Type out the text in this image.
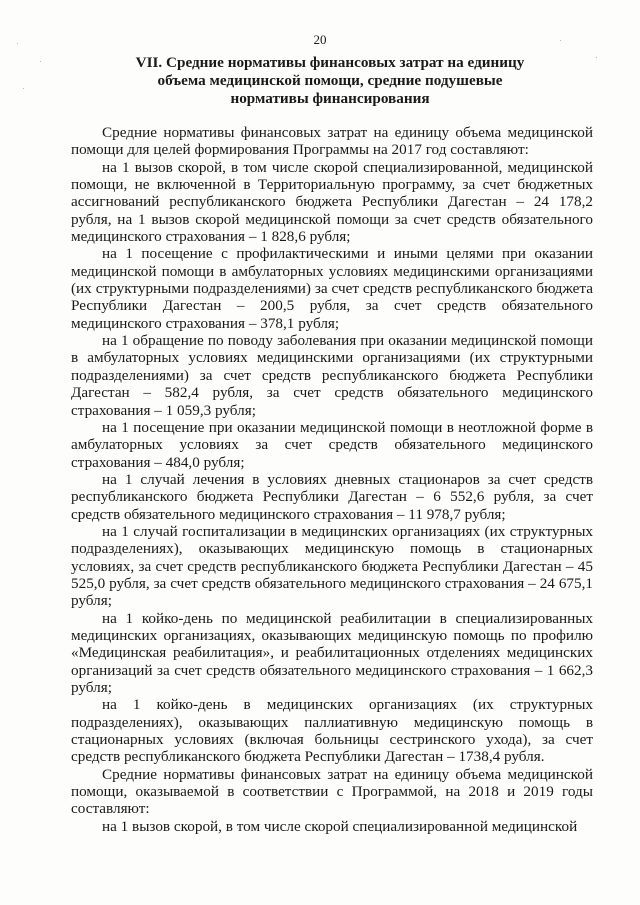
20
VII. Средние нормативы финансовых затрат на единицу
объема медицинской помощи, средние подушевые
нормативы финансирования

Средние нормативы финансовых затрат на единицу объема медицинской помощи для целей формирования Программы на 2017 год составляют:

на 1 вызов скорой, в том числе скорой специализированной, медицинской помощи, не включенной в Территориальную программу, за счет бюджетных ассигнований республиканского бюджета Республики Дагестан – 24 178,2 рубля, на 1 вызов скорой медицинской помощи за счет средств обязательного медицинского страхования – 1 828,6 рубля;

на 1 посещение с профилактическими и иными целями при оказании медицинской помощи в амбулаторных условиях медицинскими организациями (их структурными подразделениями) за счет средств республиканского бюджета Республики Дагестан – 200,5 рубля, за счет средств обязательного медицинского страхования – 378,1 рубля;

на 1 обращение по поводу заболевания при оказании медицинской помощи в амбулаторных условиях медицинскими организациями (их структурными подразделениями) за счет средств республиканского бюджета Республики Дагестан – 582,4 рубля, за счет средств обязательного медицинского страхования – 1 059,3 рубля;

на 1 посещение при оказании медицинской помощи в неотложной форме в амбулаторных условиях за счет средств обязательного медицинского страхования – 484,0 рубля;

на 1 случай лечения в условиях дневных стационаров за счет средств республиканского бюджета Республики Дагестан – 6 552,6 рубля, за счет средств обязательного медицинского страхования – 11 978,7 рубля;

на 1 случай госпитализации в медицинских организациях (их структурных подразделениях), оказывающих медицинскую помощь в стационарных условиях, за счет средств республиканского бюджета Республики Дагестан – 45 525,0 рубля, за счет средств обязательного медицинского страхования – 24 675,1 рубля;

на 1 койко-день по медицинской реабилитации в специализированных медицинских организациях, оказывающих медицинскую помощь по профилю «Медицинская реабилитация», и реабилитационных отделениях медицинских организаций за счет средств обязательного медицинского страхования – 1 662,3 рубля;

на 1 койко-день в медицинских организациях (их структурных подразделениях), оказывающих паллиативную медицинскую помощь в стационарных условиях (включая больницы сестринского ухода), за счет средств республиканского бюджета Республики Дагестан – 1738,4 рубля.

Средние нормативы финансовых затрат на единицу объема медицинской помощи, оказываемой в соответствии с Программой, на 2018 и 2019 годы составляют:

на 1 вызов скорой, в том числе скорой специализированной медицинской
